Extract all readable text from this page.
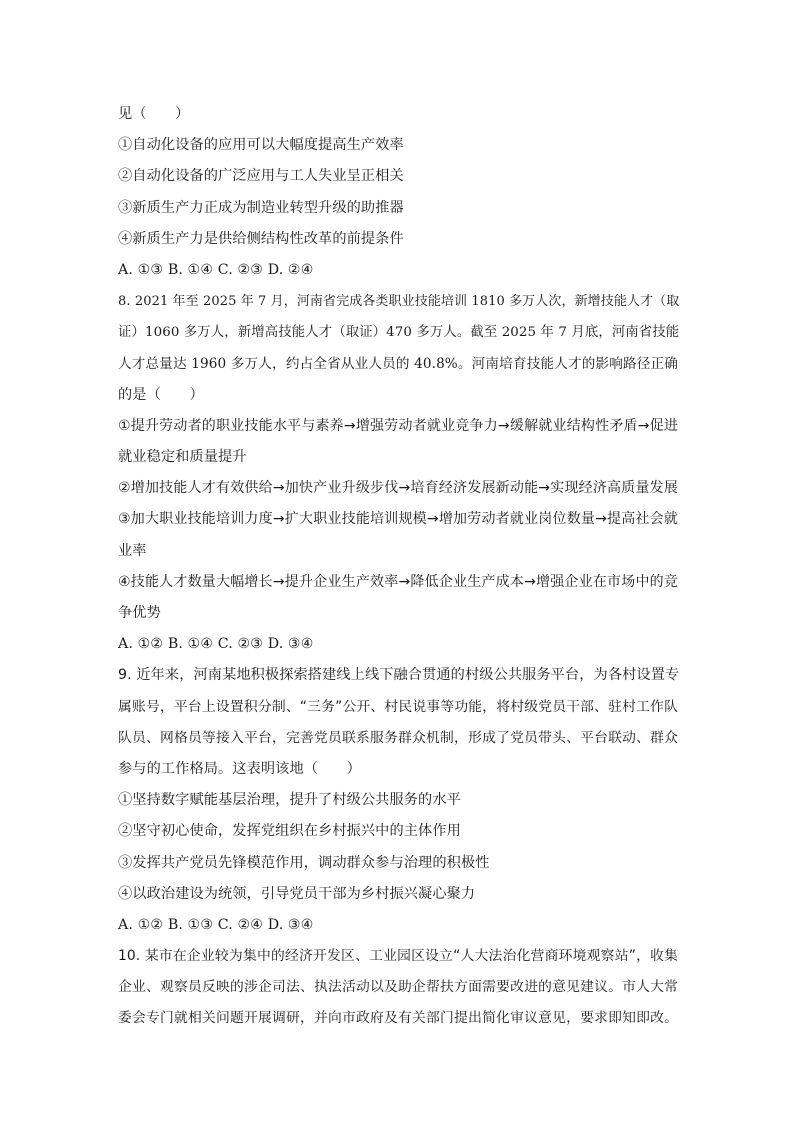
见（　　）
①自动化设备的应用可以大幅度提高生产效率
②自动化设备的广泛应用与工人失业呈正相关
③新质生产力正成为制造业转型升级的助推器
④新质生产力是供给侧结构性改革的前提条件
A. ①③ B. ①④ C. ②③ D. ②④
8. 2021 年至 2025 年 7 月，河南省完成各类职业技能培训 1810 多万人次，新增技能人才（取
证）1060 多万人，新增高技能人才（取证）470 多万人。截至 2025 年 7 月底，河南省技能
人才总量达 1960 多万人，约占全省从业人员的 40.8%。河南培育技能人才的影响路径正确
的是（　　）
①提升劳动者的职业技能水平与素养→增强劳动者就业竞争力→缓解就业结构性矛盾→促进
就业稳定和质量提升
②增加技能人才有效供给→加快产业升级步伐→培育经济发展新动能→实现经济高质量发展
③加大职业技能培训力度→扩大职业技能培训规模→增加劳动者就业岗位数量→提高社会就
业率
④技能人才数量大幅增长→提升企业生产效率→降低企业生产成本→增强企业在市场中的竞
争优势
A. ①② B. ①④ C. ②③ D. ③④
9. 近年来，河南某地积极探索搭建线上线下融合贯通的村级公共服务平台，为各村设置专
属账号，平台上设置积分制、“三务”公开、村民说事等功能，将村级党员干部、驻村工作队
队员、网格员等接入平台，完善党员联系服务群众机制，形成了党员带头、平台联动、群众
参与的工作格局。这表明该地（　　）
①坚持数字赋能基层治理，提升了村级公共服务的水平
②坚守初心使命，发挥党组织在乡村振兴中的主体作用
③发挥共产党员先锋模范作用，调动群众参与治理的积极性
④以政治建设为统领，引导党员干部为乡村振兴凝心聚力
A. ①② B. ①③ C. ②④ D. ③④
10. 某市在企业较为集中的经济开发区、工业园区设立“人大法治化营商环境观察站”，收集
企业、观察员反映的涉企司法、执法活动以及助企帮扶方面需要改进的意见建议。市人大常
委会专门就相关问题开展调研，并向市政府及有关部门提出简化审议意见，要求即知即改。
